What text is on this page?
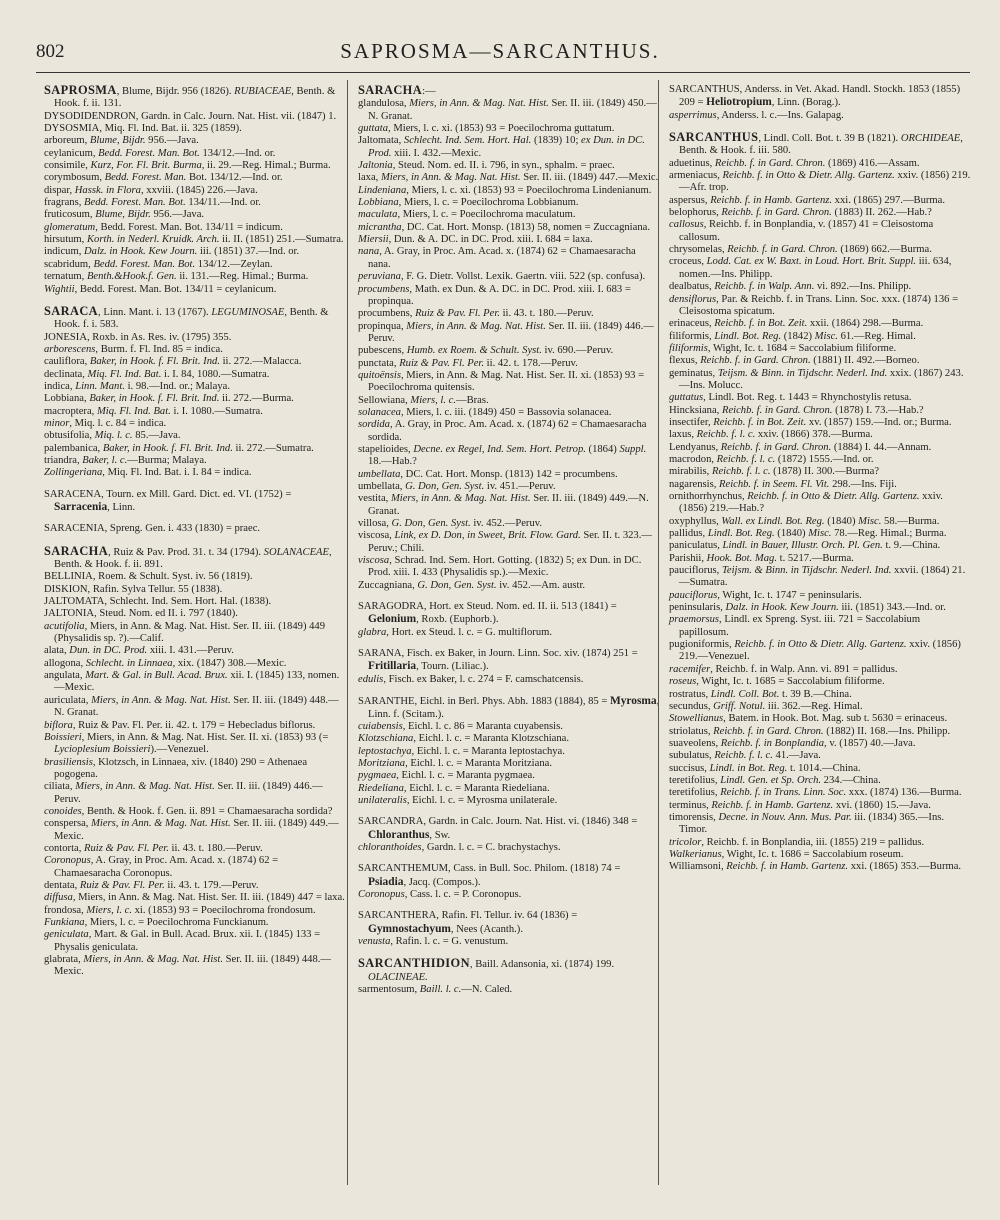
802	SAPROSMA—SARCANTHUS.

SAPROSMA, Blume, Bijdr. 956 (1826). RUBIACEAE, Benth. & Hook. f. ii. 131.

DYSODIDENDRON, Gardn. in Calc. Journ. Nat. Hist. vii. (1847) 1.

DYSOSMIA, Miq. Fl. Ind. Bat. ii. 325 (1859).

arboreum, Blume, Bijdr. 956.—Java.

ceylanicum, Bedd. Forest. Man. Bot. 134/12.—Ind. or.

consimile, Kurz, For. Fl. Brit. Burma, ii. 29.—Reg. Himal.; Burma.

corymbosum, Bedd. Forest. Man. Bot. 134/12.—Ind. or.

dispar, Hassk. in Flora, xxviii. (1845) 226.—Java.

fragrans, Bedd. Forest. Man. Bot. 134/11.—Ind. or.

fruticosum, Blume, Bijdr. 956.—Java.

glomeratum, Bedd. Forest. Man. Bot. 134/11 = indicum.

hirsutum, Korth. in Nederl. Kruidk. Arch. ii. II. (1851) 251.—Sumatra.

indicum, Dalz. in Hook. Kew Journ. iii. (1851) 37.—Ind. or.

scabridum, Bedd. Forest. Man. Bot. 134/12.—Zeylan.

ternatum, Benth.&Hook.f. Gen. ii. 131.—Reg. Himal.; Burma.

Wightii, Bedd. Forest. Man. Bot. 134/11 = ceylanicum.

SARACA, Linn. Mant. i. 13 (1767). LEGUMINOSAE, Benth. & Hook. f. i. 583.

JONESIA, Roxb. in As. Res. iv. (1795) 355.

arborescens, Burm. f. Fl. Ind. 85 = indica.

cauliflora, Baker, in Hook. f. Fl. Brit. Ind. ii. 272.—Malacca.

declinata, Miq. Fl. Ind. Bat. i. I. 84, 1080.—Sumatra.

indica, Linn. Mant. i. 98.—Ind. or.; Malaya.

Lobbiana, Baker, in Hook. f. Fl. Brit. Ind. ii. 272.—Burma.

macroptera, Miq. Fl. Ind. Bat. i. I. 1080.—Sumatra.

minor, Miq. l. c. 84 = indica.

obtusifolia, Miq. l. c. 85.—Java.

palembanica, Baker, in Hook. f. Fl. Brit. Ind. ii. 272.—Sumatra.

triandra, Baker, l. c.—Burma; Malaya.

Zollingeriana, Miq. Fl. Ind. Bat. i. I. 84 = indica.

SARACENA, Tourn. ex Mill. Gard. Dict. ed. VI. (1752) = Sarracenia, Linn.

SARACENIA, Spreng. Gen. i. 433 (1830) = praec.

SARACHA, Ruiz & Pav. Prod. 31. t. 34 (1794). SOLANACEAE, Benth. & Hook. f. ii. 891.

BELLINIA, Roem. & Schult. Syst. iv. 56 (1819).

DISKION, Rafin. Sylva Tellur. 55 (1838).

JALTOMATA, Schlecht. Ind. Sem. Hort. Hal. (1838).

JALTONIA, Steud. Nom. ed II. i. 797 (1840).

acutifolia, Miers, in Ann. & Mag. Nat. Hist. Ser. II. iii. (1849) 449 (Physalidis sp. ?).—Calif.

alata, Dun. in DC. Prod. xiii. I. 431.—Peruv.

allogona, Schlecht. in Linnaea, xix. (1847) 308.—Mexic.

angulata, Mart. & Gal. in Bull. Acad. Brux. xii. I. (1845) 133, nomen.—Mexic.

auriculata, Miers, in Ann. & Mag. Nat. Hist. Ser. II. iii. (1849) 448.—N. Granat.

biflora, Ruiz & Pav. Fl. Per. ii. 42. t. 179 = Hebecladus biflorus.

Boissieri, Miers, in Ann. & Mag. Nat. Hist. Ser. II. xi. (1853) 93 (= Lycioplesium Boissieri).—Venezuel.

brasiliensis, Klotzsch, in Linnaea, xiv. (1840) 290 = Athenaea pogogena.

ciliata, Miers, in Ann. & Mag. Nat. Hist. Ser. II. iii. (1849) 446.—Peruv.

conoides, Benth. & Hook. f. Gen. ii. 891 = Chamaesaracha sordida?

conspersa, Miers, in Ann. & Mag. Nat. Hist. Ser. II. iii. (1849) 449.—Mexic.

contorta, Ruiz & Pav. Fl. Per. ii. 43. t. 180.—Peruv.

Coronopus, A. Gray, in Proc. Am. Acad. x. (1874) 62 = Chamaesaracha Coronopus.

dentata, Ruiz & Pav. Fl. Per. ii. 43. t. 179.—Peruv.

diffusa, Miers, in Ann. & Mag. Nat. Hist. Ser. II. iii. (1849) 447 = laxa.

frondosa, Miers, l. c. xi. (1853) 93 = Poecilochroma frondosum.

Funkiana, Miers, l. c. = Poecilochroma Funckianum.

geniculata, Mart. & Gal. in Bull. Acad. Brux. xii. I. (1845) 133 = Physalis geniculata.

glabrata, Miers, in Ann. & Mag. Nat. Hist. Ser. II. iii. (1849) 448.—Mexic.

SARACHA:—

glandulosa, Miers, in Ann. & Mag. Nat. Hist. Ser. II. iii. (1849) 450.—N. Granat.

guttata, Miers, l. c. xi. (1853) 93 = Poecilochroma guttatum.

Jaltomata, Schlecht. Ind. Sem. Hort. Hal. (1839) 10; ex Dun. in DC. Prod. xiii. I. 432.—Mexic.

Jaltonia, Steud. Nom. ed. II. i. 796, in syn., sphalm. = praec.

laxa, Miers, in Ann. & Mag. Nat. Hist. Ser. II. iii. (1849) 447.—Mexic.

Lindeniana, Miers, l. c. xi. (1853) 93 = Poecilochroma Lindenianum.

Lobbiana, Miers, l. c. = Poecilochroma Lobbianum.

maculata, Miers, l. c. = Poecilochroma maculatum.

micrantha, DC. Cat. Hort. Monsp. (1813) 58, nomen = Zuccagniana.

Miersii, Dun. & A. DC. in DC. Prod. xiii. I. 684 = laxa.

nana, A. Gray, in Proc. Am. Acad. x. (1874) 62 = Chamaesaracha nana.

peruviana, F. G. Dietr. Vollst. Lexik. Gaertn. viii. 522 (sp. confusa).

procumbens, Math. ex Dun. & A. DC. in DC. Prod. xiii. I. 683 = propinqua.

procumbens, Ruiz & Pav. Fl. Per. ii. 43. t. 180.—Peruv.

propinqua, Miers, in Ann. & Mag. Nat. Hist. Ser. II. iii. (1849) 446.—Peruv.

pubescens, Humb. ex Roem. & Schult. Syst. iv. 690.—Peruv.

punctata, Ruiz & Pav. Fl. Per. ii. 42. t. 178.—Peruv.

quitoënsis, Miers, in Ann. & Mag. Nat. Hist. Ser. II. xi. (1853) 93 = Poecilochroma quitensis.

Sellowiana, Miers, l. c.—Bras.

solanacea, Miers, l. c. iii. (1849) 450 = Bassovia solanacea.

sordida, A. Gray, in Proc. Am. Acad. x. (1874) 62 = Chamaesaracha sordida.

stapelioides, Decne. ex Regel, Ind. Sem. Hort. Petrop. (1864) Suppl. 18.—Hab.?

umbellata, DC. Cat. Hort. Monsp. (1813) 142 = procumbens.

umbellata, G. Don, Gen. Syst. iv. 451.—Peruv.

vestita, Miers, in Ann. & Mag. Nat. Hist. Ser. II. iii. (1849) 449.—N. Granat.

villosa, G. Don, Gen. Syst. iv. 452.—Peruv.

viscosa, Link, ex D. Don, in Sweet, Brit. Flow. Gard. Ser. II. t. 323.—Peruv.; Chili.

viscosa, Schrad. Ind. Sem. Hort. Gotting. (1832) 5; ex Dun. in DC. Prod. xiii. I. 433 (Physalidis sp.).—Mexic.

Zuccagniana, G. Don, Gen. Syst. iv. 452.—Am. austr.

SARAGODRA, Hort. ex Steud. Nom. ed. II. ii. 513 (1841) = Gelonium, Roxb. (Euphorb.).

glabra, Hort. ex Steud. l. c. = G. multiflorum.

SARANA, Fisch. ex Baker, in Journ. Linn. Soc. xiv. (1874) 251 = Fritillaria, Tourn. (Liliac.).

edulis, Fisch. ex Baker, l. c. 274 = F. camschatcensis.

SARANTHE, Eichl. in Berl. Phys. Abh. 1883 (1884), 85 = Myrosma, Linn. f. (Scitam.).

cuiabensis, Eichl. l. c. 86 = Maranta cuyabensis.

Klotzschiana, Eichl. l. c. = Maranta Klotzschiana.

leptostachya, Eichl. l. c. = Maranta leptostachya.

Moritziana, Eichl. l. c. = Maranta Moritziana.

pygmaea, Eichl. l. c. = Maranta pygmaea.

Riedeliana, Eichl. l. c. = Maranta Riedeliana.

unilateralis, Eichl. l. c. = Myrosma unilaterale.

SARCANDRA, Gardn. in Calc. Journ. Nat. Hist. vi. (1846) 348 = Chloranthus, Sw.

chloranthoides, Gardn. l. c. = C. brachystachys.

SARCANTHEMUM, Cass. in Bull. Soc. Philom. (1818) 74 = Psiadia, Jacq. (Compos.).

Coronopus, Cass. l. c. = P. Coronopus.

SARCANTHERA, Rafin. Fl. Tellur. iv. 64 (1836) = Gymnostachyum, Nees (Acanth.).

venusta, Rafin. l. c. = G. venustum.

SARCANTHIDION, Baill. Adansonia, xi. (1874) 199. OLACINEAE.

sarmentosum, Baill. l. c.—N. Caled.

SARCANTHUS, Anderss. in Vet. Akad. Handl. Stockh. 1853 (1855) 209 = Heliotropium, Linn. (Borag.).

asperrimus, Anderss. l. c.—Ins. Galapag.

SARCANTHUS, Lindl. Coll. Bot. t. 39 B (1821). ORCHIDEAE, Benth. & Hook. f. iii. 580.

aduetinus, Reichb. f. in Gard. Chron. (1869) 416.—Assam.

armeniacus, Reichb. f. in Otto & Dietr. Allg. Gartenz. xxiv. (1856) 219.—Afr. trop.

aspersus, Reichb. f. in Hamb. Gartenz. xxi. (1865) 297.—Burma.

belophorus, Reichb. f. in Gard. Chron. (1883) II. 262.—Hab.?

callosus, Reichb. f. in Bonplandia, v. (1857) 41 = Cleisostoma callosum.

chrysomelas, Reichb. f. in Gard. Chron. (1869) 662.—Burma.

croceus, Lodd. Cat. ex W. Baxt. in Loud. Hort. Brit. Suppl. iii. 634, nomen.—Ins. Philipp.

dealbatus, Reichb. f. in Walp. Ann. vi. 892.—Ins. Philipp.

densiflorus, Par. & Reichb. f. in Trans. Linn. Soc. xxx. (1874) 136 = Cleisostoma spicatum.

erinaceus, Reichb. f. in Bot. Zeit. xxii. (1864) 298.—Burma.

filiformis, Lindl. Bot. Reg. (1842) Misc. 61.—Reg. Himal.

filiformis, Wight, Ic. t. 1684 = Saccolabium filiforme.

flexus, Reichb. f. in Gard. Chron. (1881) II. 492.—Borneo.

geminatus, Teijsm. & Binn. in Tijdschr. Nederl. Ind. xxix. (1867) 243.—Ins. Molucc.

guttatus, Lindl. Bot. Reg. t. 1443 = Rhynchostylis retusa.

Hincksiana, Reichb. f. in Gard. Chron. (1878) I. 73.—Hab.?

insectifer, Reichb. f. in Bot. Zeit. xv. (1857) 159.—Ind. or.; Burma.

laxus, Reichb. f. l. c. xxiv. (1866) 378.—Burma.

Lendyanus, Reichb. f. in Gard. Chron. (1884) I. 44.—Annam.

macrodon, Reichb. f. l. c. (1872) 1555.—Ind. or.

mirabilis, Reichb. f. l. c. (1878) II. 300.—Burma?

nagarensis, Reichb. f. in Seem. Fl. Vit. 298.—Ins. Fiji.

ornithorrhynchus, Reichb. f. in Otto & Dietr. Allg. Gartenz. xxiv. (1856) 219.—Hab.?

oxyphyllus, Wall. ex Lindl. Bot. Reg. (1840) Misc. 58.—Burma.

pallidus, Lindl. Bot. Reg. (1840) Misc. 78.—Reg. Himal.; Burma.

paniculatus, Lindl. in Bauer, Illustr. Orch. Pl. Gen. t. 9.—China.

Parishii, Hook. Bot. Mag. t. 5217.—Burma.

pauciflorus, Teijsm. & Binn. in Tijdschr. Nederl. Ind. xxvii. (1864) 21.—Sumatra.

pauciflorus, Wight, Ic. t. 1747 = peninsularis.

peninsularis, Dalz. in Hook. Kew Journ. iii. (1851) 343.—Ind. or.

praemorsus, Lindl. ex Spreng. Syst. iii. 721 = Saccolabium papillosum.

pugioniformis, Reichb. f. in Otto & Dietr. Allg. Gartenz. xxiv. (1856) 219.—Venezuel.

racemifer, Reichb. f. in Walp. Ann. vi. 891 = pallidus.

roseus, Wight, Ic. t. 1685 = Saccolabium filiforme.

rostratus, Lindl. Coll. Bot. t. 39 B.—China.

secundus, Griff. Notul. iii. 362.—Reg. Himal.

Stowellianus, Batem. in Hook. Bot. Mag. sub t. 5630 = erinaceus.

striolatus, Reichb. f. in Gard. Chron. (1882) II. 168.—Ins. Philipp.

suaveolens, Reichb. f. in Bonplandia, v. (1857) 40.—Java.

subulatus, Reichb. f. l. c. 41.—Java.

succisus, Lindl. in Bot. Reg. t. 1014.—China.

teretifolius, Lindl. Gen. et Sp. Orch. 234.—China.

teretifolius, Reichb. f. in Trans. Linn. Soc. xxx. (1874) 136.—Burma.

terminus, Reichb. f. in Hamb. Gartenz. xvi. (1860) 15.—Java.

timorensis, Decne. in Nouv. Ann. Mus. Par. iii. (1834) 365.—Ins. Timor.

tricolor, Reichb. f. in Bonplandia, iii. (1855) 219 = pallidus.

Walkerianus, Wight, Ic. t. 1686 = Saccolabium roseum.

Williamsoni, Reichb. f. in Hamb. Gartenz. xxi. (1865) 353.—Burma.
